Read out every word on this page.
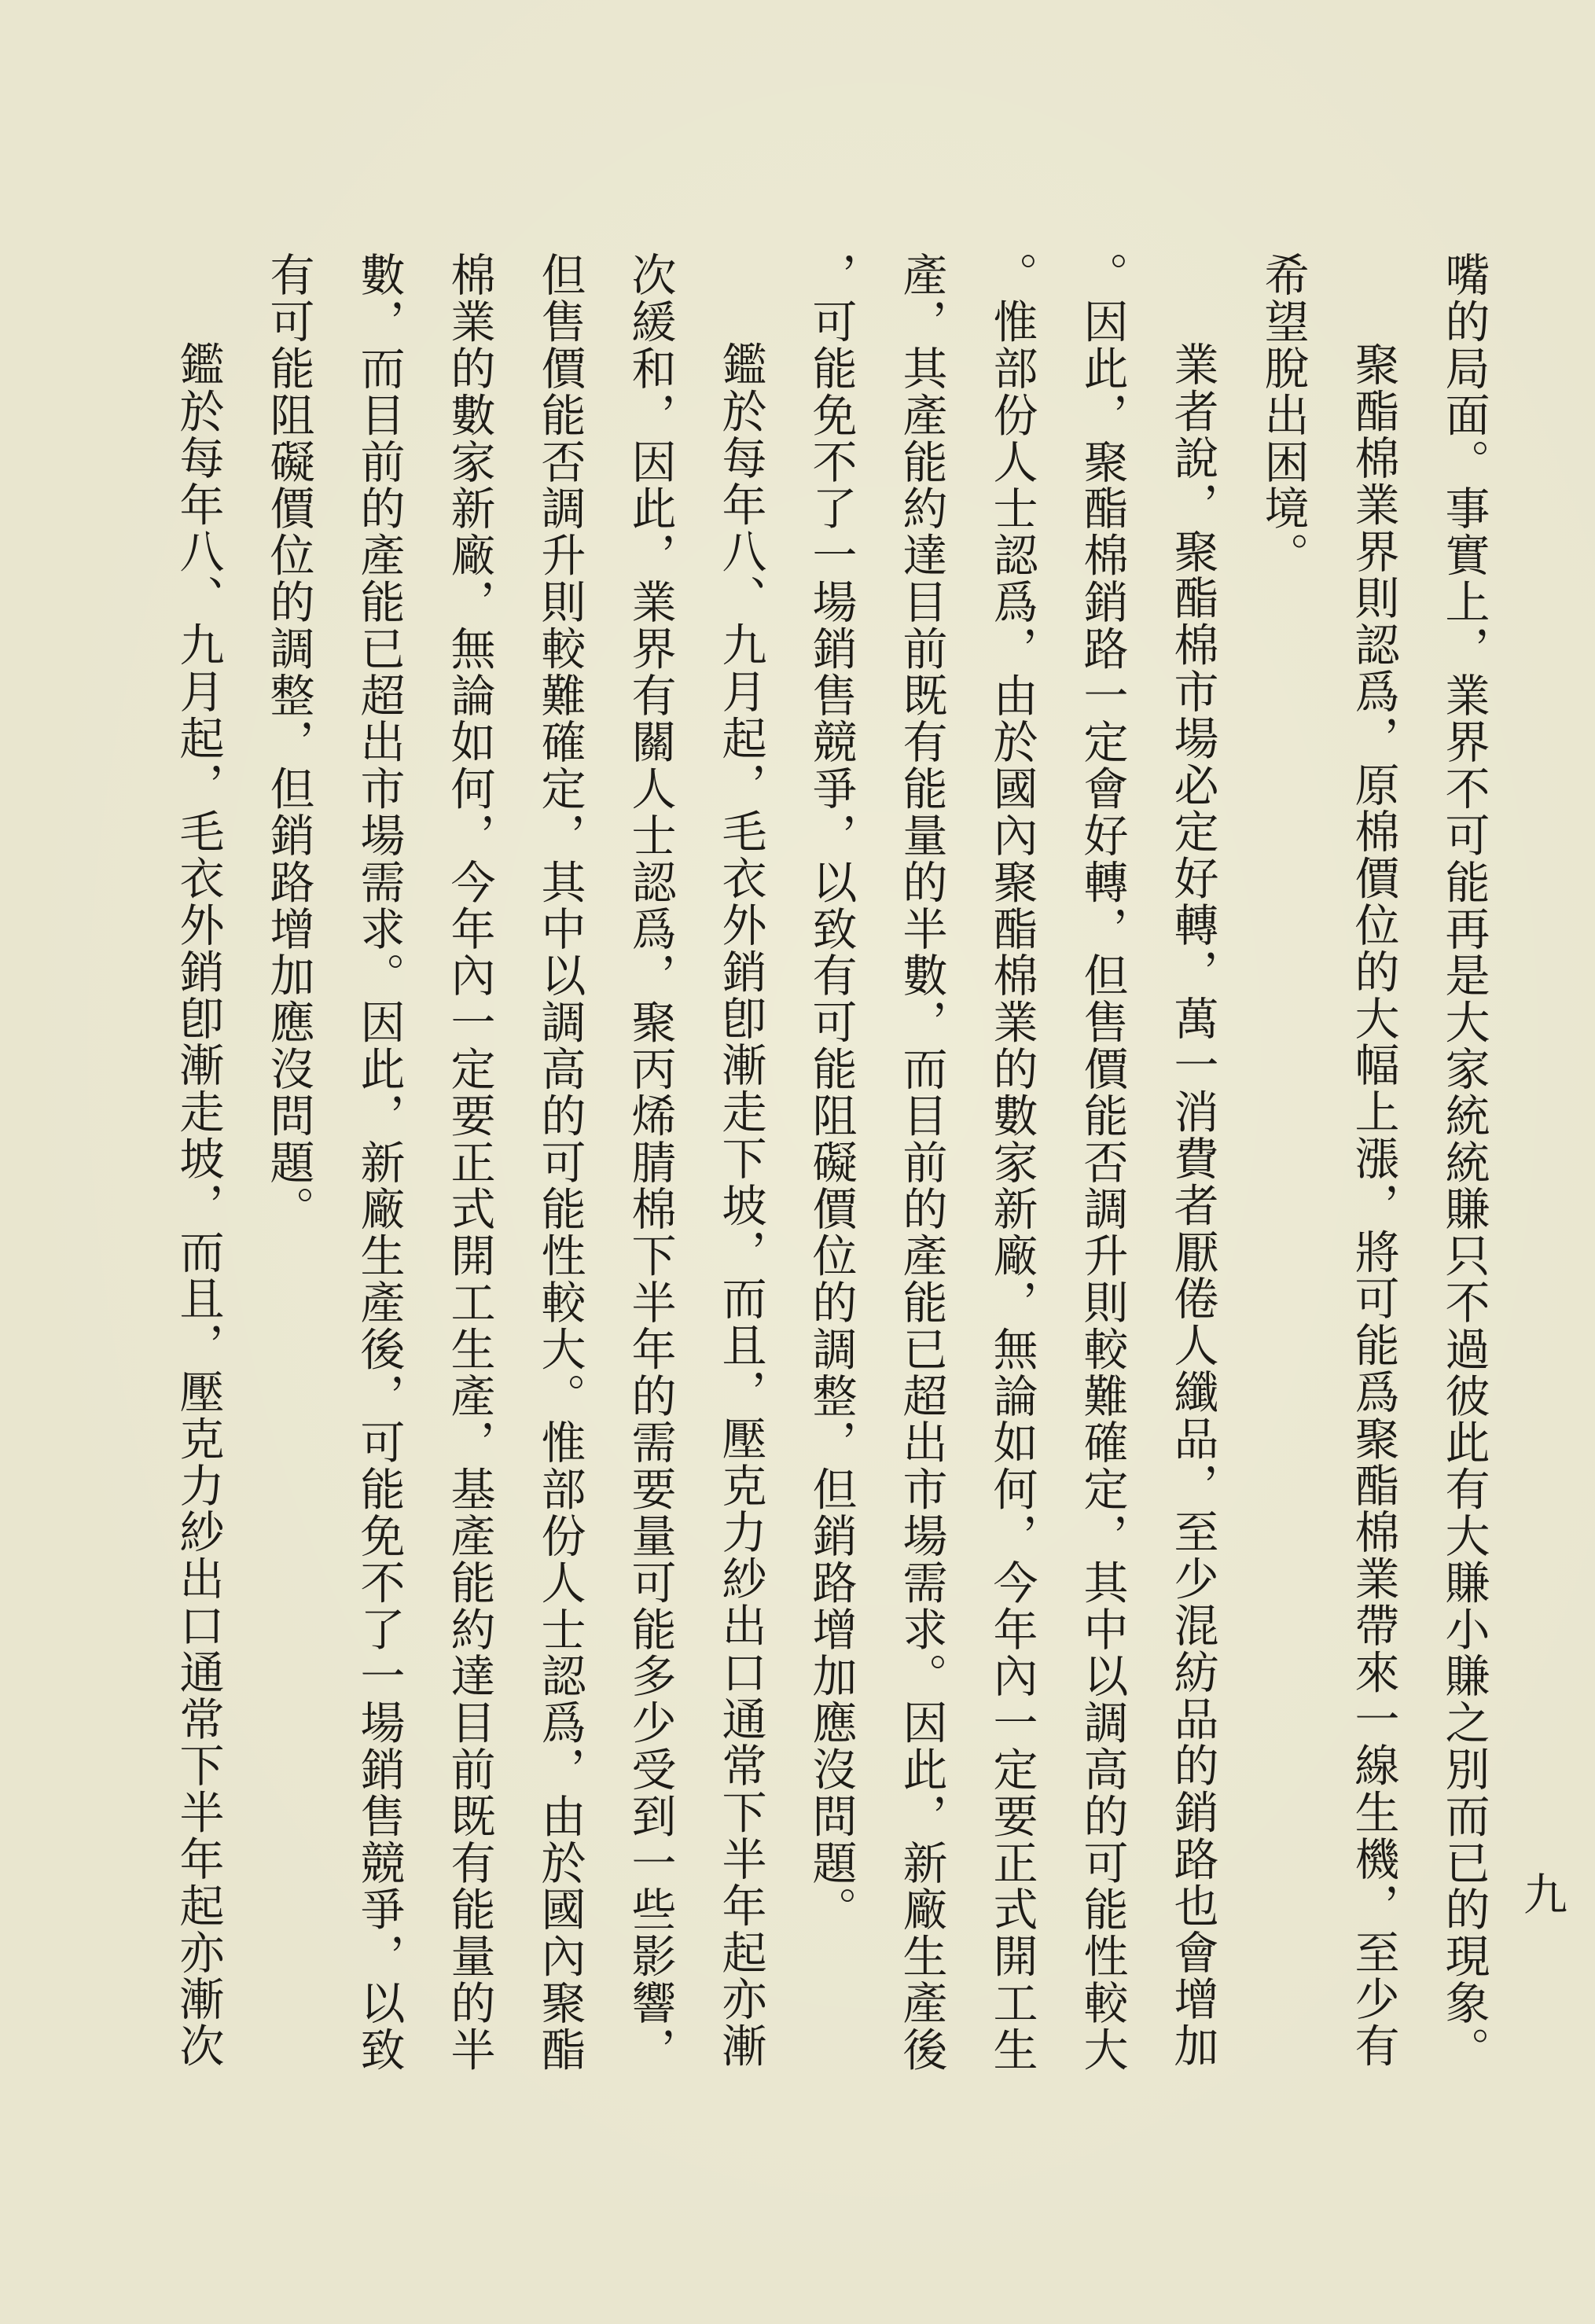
九
嘴的局面。事實上，業界不可能再是大家統統賺只不過彼此有大賺小賺之別而已的現象。
聚酯棉業界則認爲，原棉價位的大幅上漲，將可能爲聚酯棉業帶來一線生機，至少有
希望脫出困境。
業者說，聚酯棉市場必定好轉，萬一消費者厭倦人纖品，至少混紡品的銷路也會增加
。因此，聚酯棉銷路一定會好轉，但售價能否調升則較難確定，其中以調高的可能性較大
。惟部份人士認爲，由於國內聚酯棉業的數家新廠，無論如何，今年內一定要正式開工生
產，其產能約達目前既有能量的半數，而目前的產能已超出市場需求。因此，新廠生產後
，可能免不了一場銷售競爭，以致有可能阻礙價位的調整，但銷路增加應沒問題。
鑑於每年八、九月起，毛衣外銷卽漸走下坡，而且，壓克力紗出口通常下半年起亦漸
次緩和，因此，業界有關人士認爲，聚丙烯腈棉下半年的需要量可能多少受到一些影響，
但售價能否調升則較難確定，其中以調高的可能性較大。惟部份人士認爲，由於國內聚酯
棉業的數家新廠，無論如何，今年內一定要正式開工生產，基產能約達目前既有能量的半
數，而目前的產能已超出市場需求。因此，新廠生產後，可能免不了一場銷售競爭，以致
有可能阻礙價位的調整，但銷路增加應沒問題。
鑑於每年八、九月起，毛衣外銷卽漸走坡，而且，壓克力紗出口通常下半年起亦漸次
